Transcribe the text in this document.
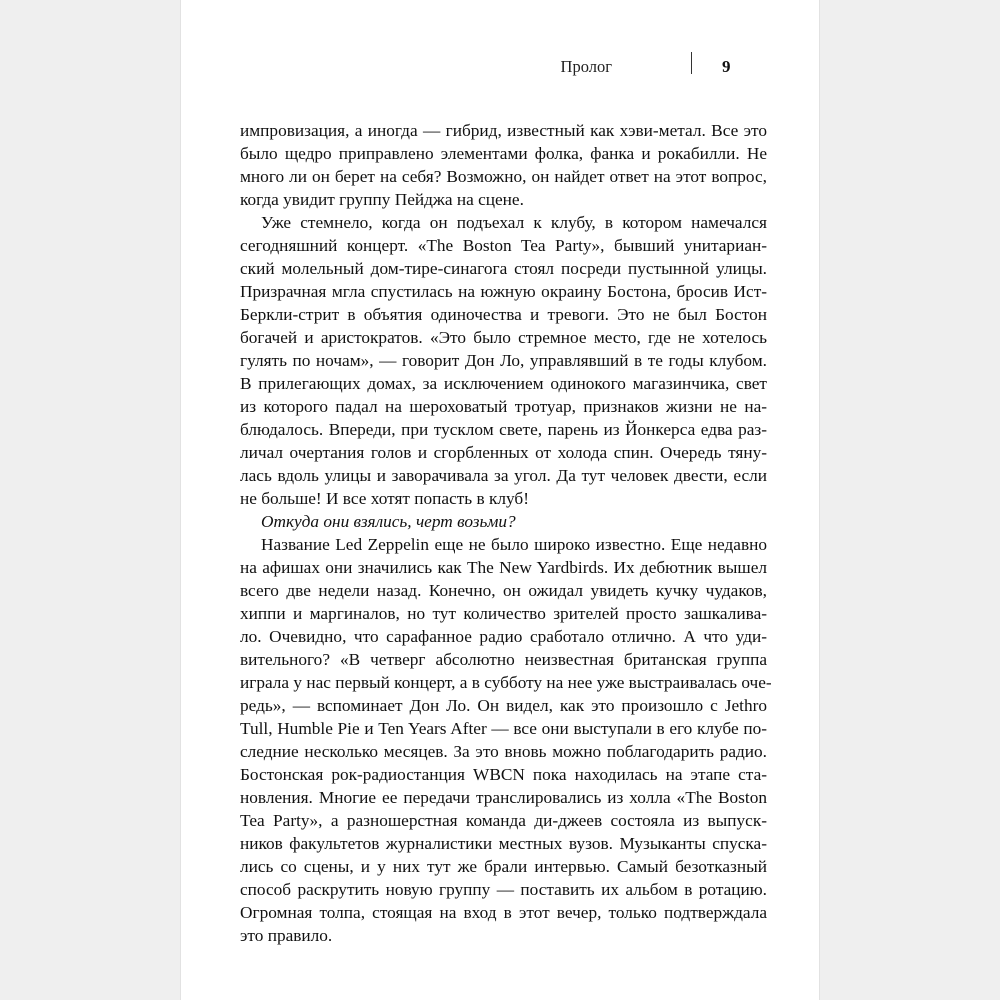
Пролог	9
импровизация, а иногда — гибрид, известный как хэви-метал. Все это
было щедро приправлено элементами фолка, фанка и рокабилли. Не
много ли он берет на себя? Возможно, он найдет ответ на этот вопрос,
когда увидит группу Пейджа на сцене.
Уже стемнело, когда он подъехал к клубу, в котором намечался
сегодняшний концерт. «The Boston Tea Party», бывший унитариан-
ский молельный дом-тире-синагога стоял посреди пустынной улицы.
Призрачная мгла спустилась на южную окраину Бостона, бросив Ист-
Беркли-стрит в объятия одиночества и тревоги. Это не был Бостон
богачей и аристократов. «Это было стремное место, где не хотелось
гулять по ночам», — говорит Дон Ло, управлявший в те годы клубом.
В прилегающих домах, за исключением одинокого магазинчика, свет
из которого падал на шероховатый тротуар, признаков жизни не на-
блюдалось. Впереди, при тусклом свете, парень из Йонкерса едва раз-
личал очертания голов и сгорбленных от холода спин. Очередь тяну-
лась вдоль улицы и заворачивала за угол. Да тут человек двести, если
не больше! И все хотят попасть в клуб!
Откуда они взялись, черт возьми?
Название Led Zeppelin еще не было широко известно. Еще недавно
на афишах они значились как The New Yardbirds. Их дебютник вышел
всего две недели назад. Конечно, он ожидал увидеть кучку чудаков,
хиппи и маргиналов, но тут количество зрителей просто зашкалива-
ло. Очевидно, что сарафанное радио сработало отлично. А что уди-
вительного? «В четверг абсолютно неизвестная британская группа
играла у нас первый концерт, а в субботу на нее уже выстраивалась оче-
редь», — вспоминает Дон Ло. Он видел, как это произошло с Jethro
Tull, Humble Pie и Ten Years After — все они выступали в его клубе по-
следние несколько месяцев. За это вновь можно поблагодарить радио.
Бостонская рок-радиостанция WBCN пока находилась на этапе ста-
новления. Многие ее передачи транслировались из холла «The Boston
Tea Party», а разношерстная команда ди-джеев состояла из выпуск-
ников факультетов журналистики местных вузов. Музыканты спуска-
лись со сцены, и у них тут же брали интервью. Самый безотказный
способ раскрутить новую группу — поставить их альбом в ротацию.
Огромная толпа, стоящая на вход в этот вечер, только подтверждала
это правило.
